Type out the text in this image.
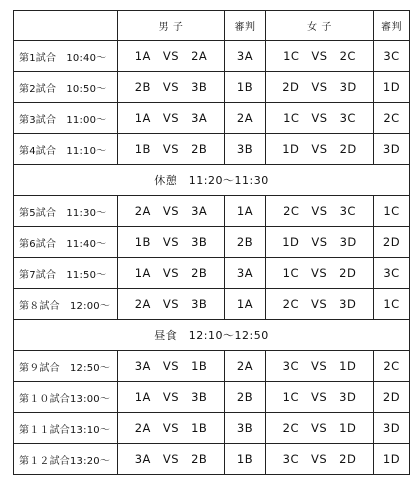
	男 子	審判	女 子	審判
第1試合　10:40～	1A　VS　2A	3A	1C　VS　2C	3C
第2試合　10:50～	2B　VS　3B	1B	2D　VS　3D	1D
第3試合　11:00～	1A　VS　3A	2A	1C　VS　3C	2C
第4試合　11:10～	1B　VS　2B	3B	1D　VS　2D	3D
休憩　11:20～11:30				
第5試合　11:30～	2A　VS　3A	1A	2C　VS　3C	1C
第6試合　11:40～	1B　VS　3B	2B	1D　VS　3D	2D
第7試合　11:50～	1A　VS　2B	3A	1C　VS　2D	3C
第８試合　12:00～	2A　VS　3B	1A	2C　VS　3D	1C
昼食　12:10～12:50				
第９試合　12:50～	3A　VS　1B	2A	3C　VS　1D	2C
第１０試合13:00～	1A　VS　3B	2B	1C　VS　3D	2D
第１１試合13:10～	2A　VS　1B	3B	2C　VS　1D	3D
第１２試合13:20～	3A　VS　2B	1B	3C　VS　2D	1D
